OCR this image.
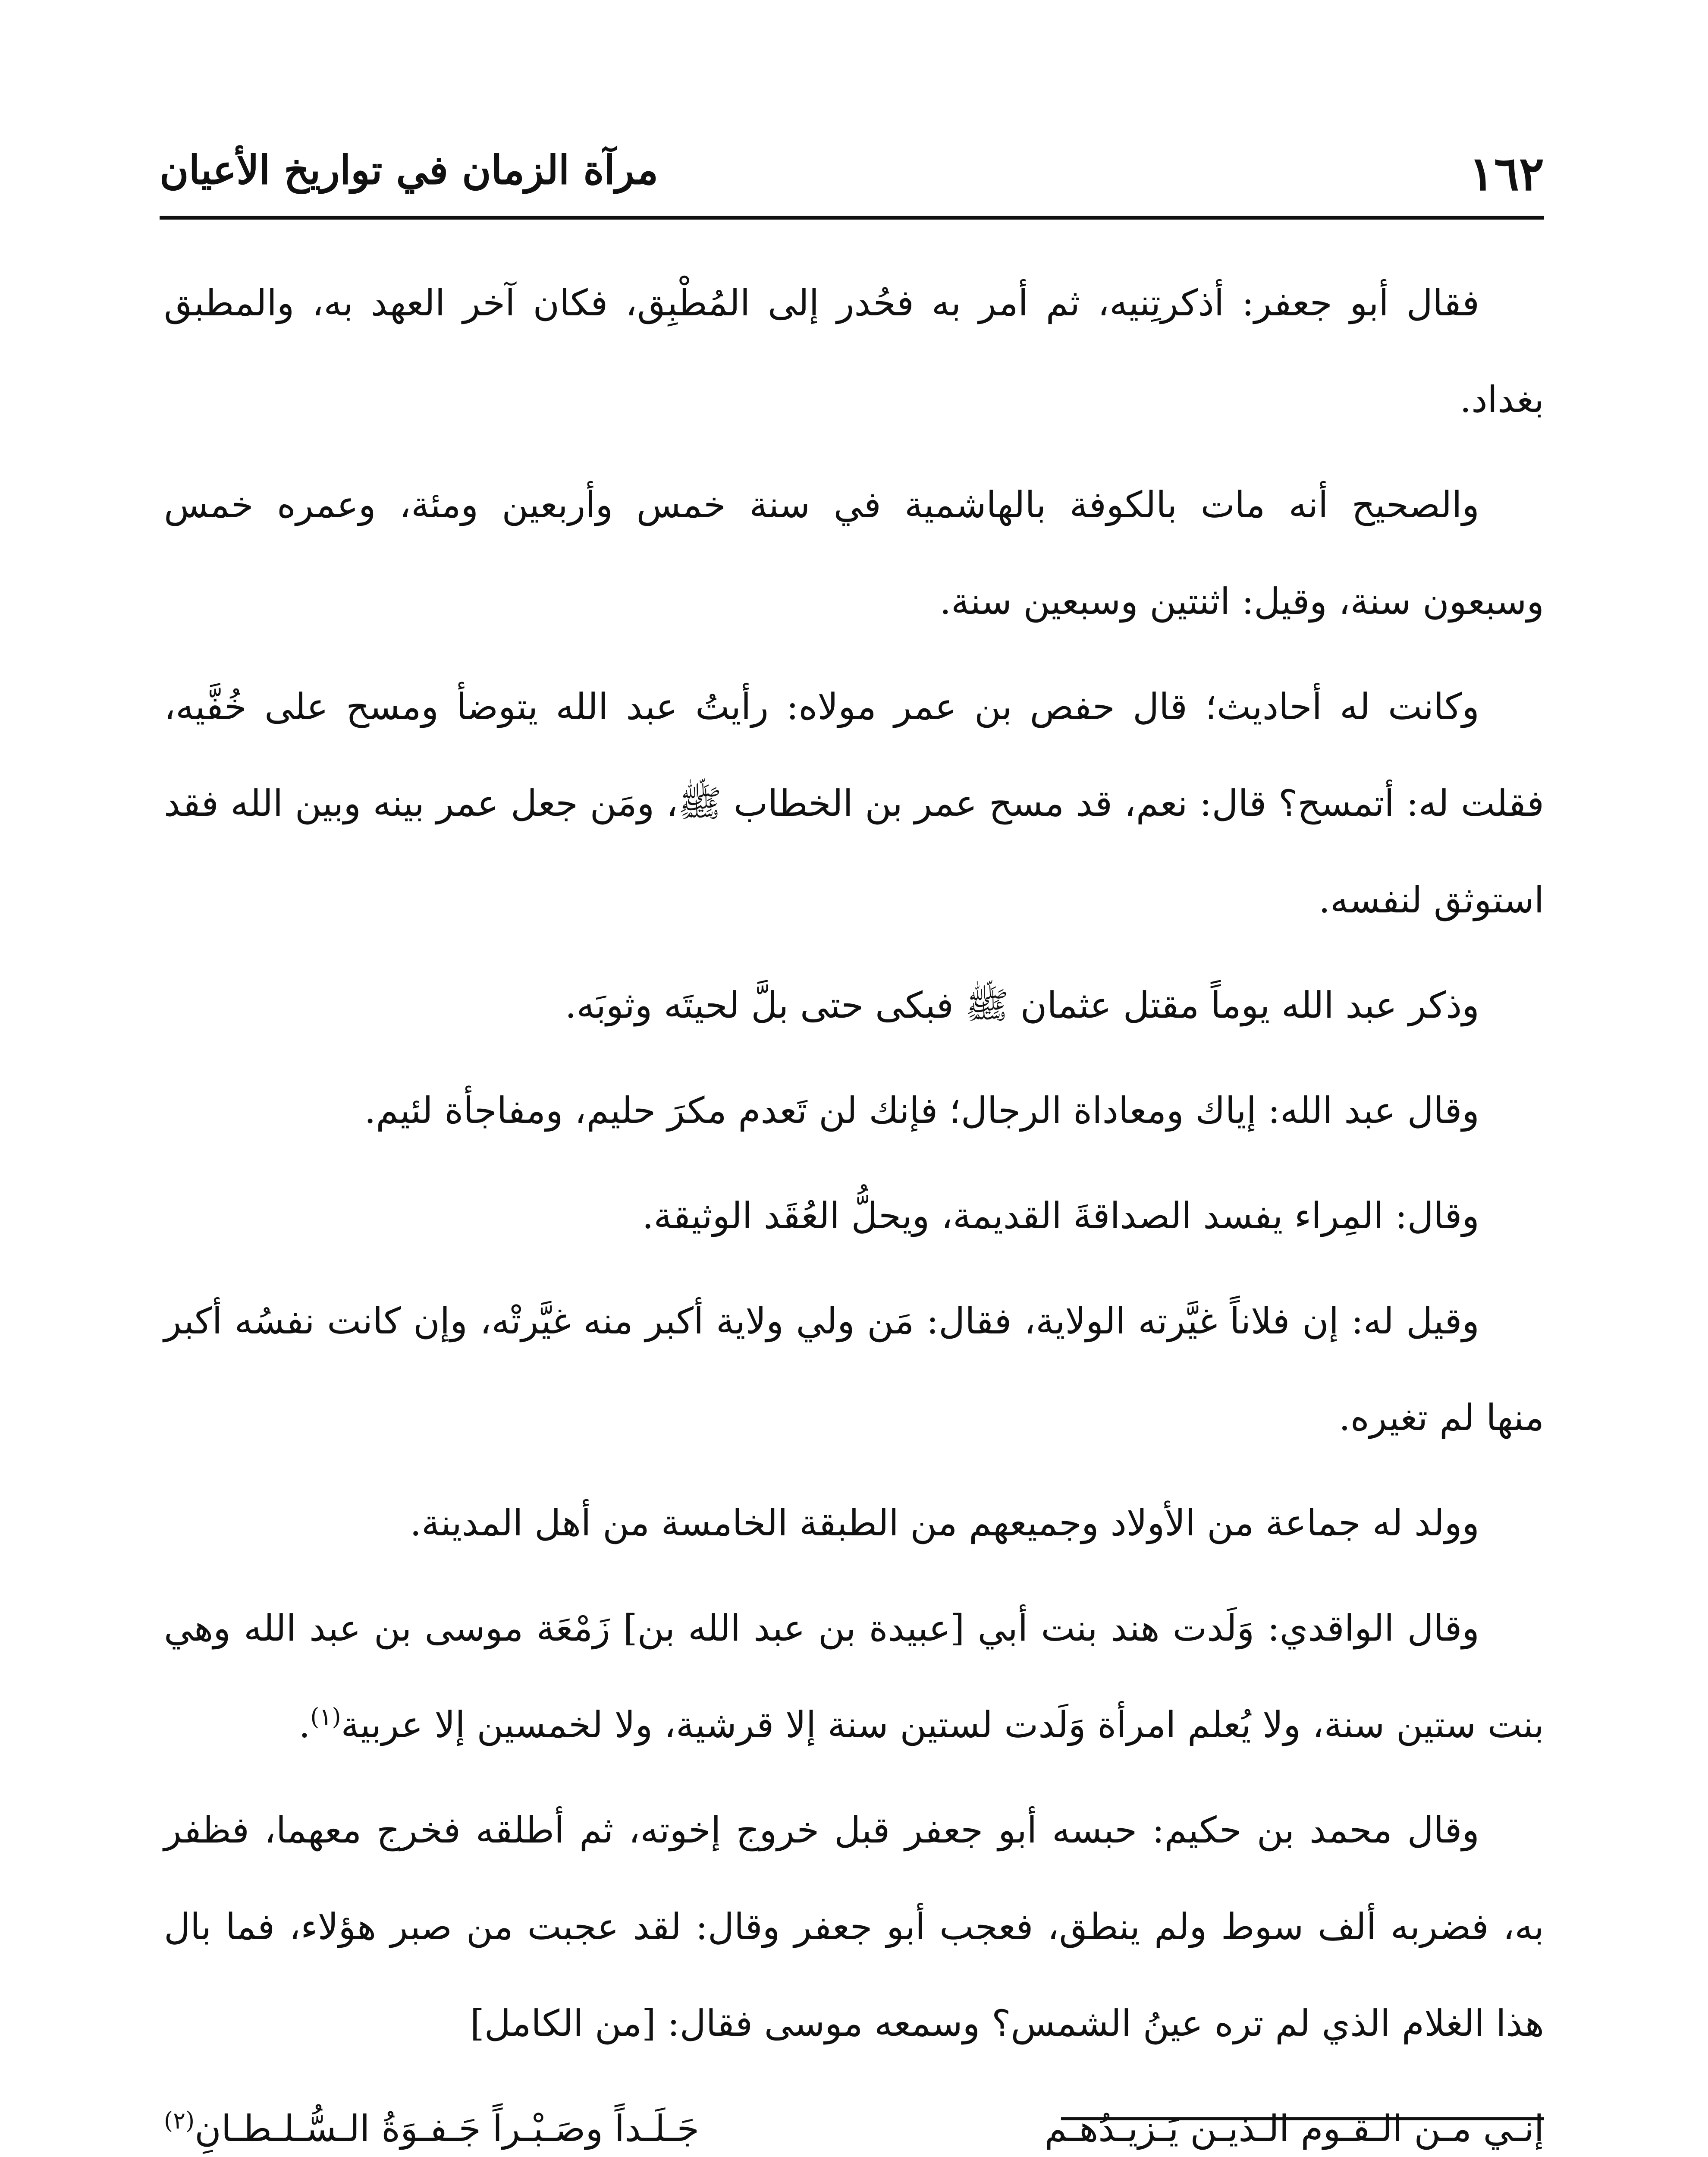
١٦٢
مرآة الزمان في تواريخ الأعيان

فقال أبو جعفر: أذكرتِنيه، ثم أمر به فحُدر إلى المُطْبِق، فكان آخر العهد به، والمطبق بغداد.

والصحيح أنه مات بالكوفة بالهاشمية في سنة خمس وأربعين ومئة، وعمره خمس وسبعون سنة، وقيل: اثنتين وسبعين سنة.

وكانت له أحاديث؛ قال حفص بن عمر مولاه: رأيتُ عبد الله يتوضأ ومسح على خُفَّيه، فقلت له: أتمسح؟ قال: نعم، قد مسح عمر بن الخطاب ﷺ، ومَن جعل عمر بينه وبين الله فقد استوثق لنفسه.

وذكر عبد الله يوماً مقتل عثمان ﷺ فبكى حتى بلَّ لحيتَه وثوبَه.

وقال عبد الله: إياك ومعاداة الرجال؛ فإنك لن تَعدم مكرَ حليم، ومفاجأة لئيم.

وقال: المِراء يفسد الصداقةَ القديمة، ويحلُّ العُقَد الوثيقة.

وقيل له: إن فلاناً غيَّرته الولاية، فقال: مَن ولي ولاية أكبر منه غيَّرتْه، وإن كانت نفسُه أكبر منها لم تغيره.

وولد له جماعة من الأولاد وجميعهم من الطبقة الخامسة من أهل المدينة.

وقال الواقدي: وَلَدت هند بنت أبي [عبيدة بن عبد الله بن] زَمْعَة موسى بن عبد الله وهي بنت ستين سنة، ولا يُعلم امرأة وَلَدت لستين سنة إلا قرشية، ولا لخمسين إلا عربية$^{(١)}$.

وقال محمد بن حكيم: حبسه أبو جعفر قبل خروج إخوته، ثم أطلقه فخرج معهما، فظفر به، فضربه ألف سوط ولم ينطق، فعجب أبو جعفر وقال: لقد عجبت من صبر هؤلاء، فما بال هذا الغلام الذي لم تره عينُ الشمس؟ وسمعه موسى فقال: [من الكامل]

إنـي مـن الـقـوم الـذيـن يَـزيـدُهـم
جَـلَـداً وصَـبْـراً جَـفـوَةُ الـسُّـلـطـانِ$^{(٢)}$
